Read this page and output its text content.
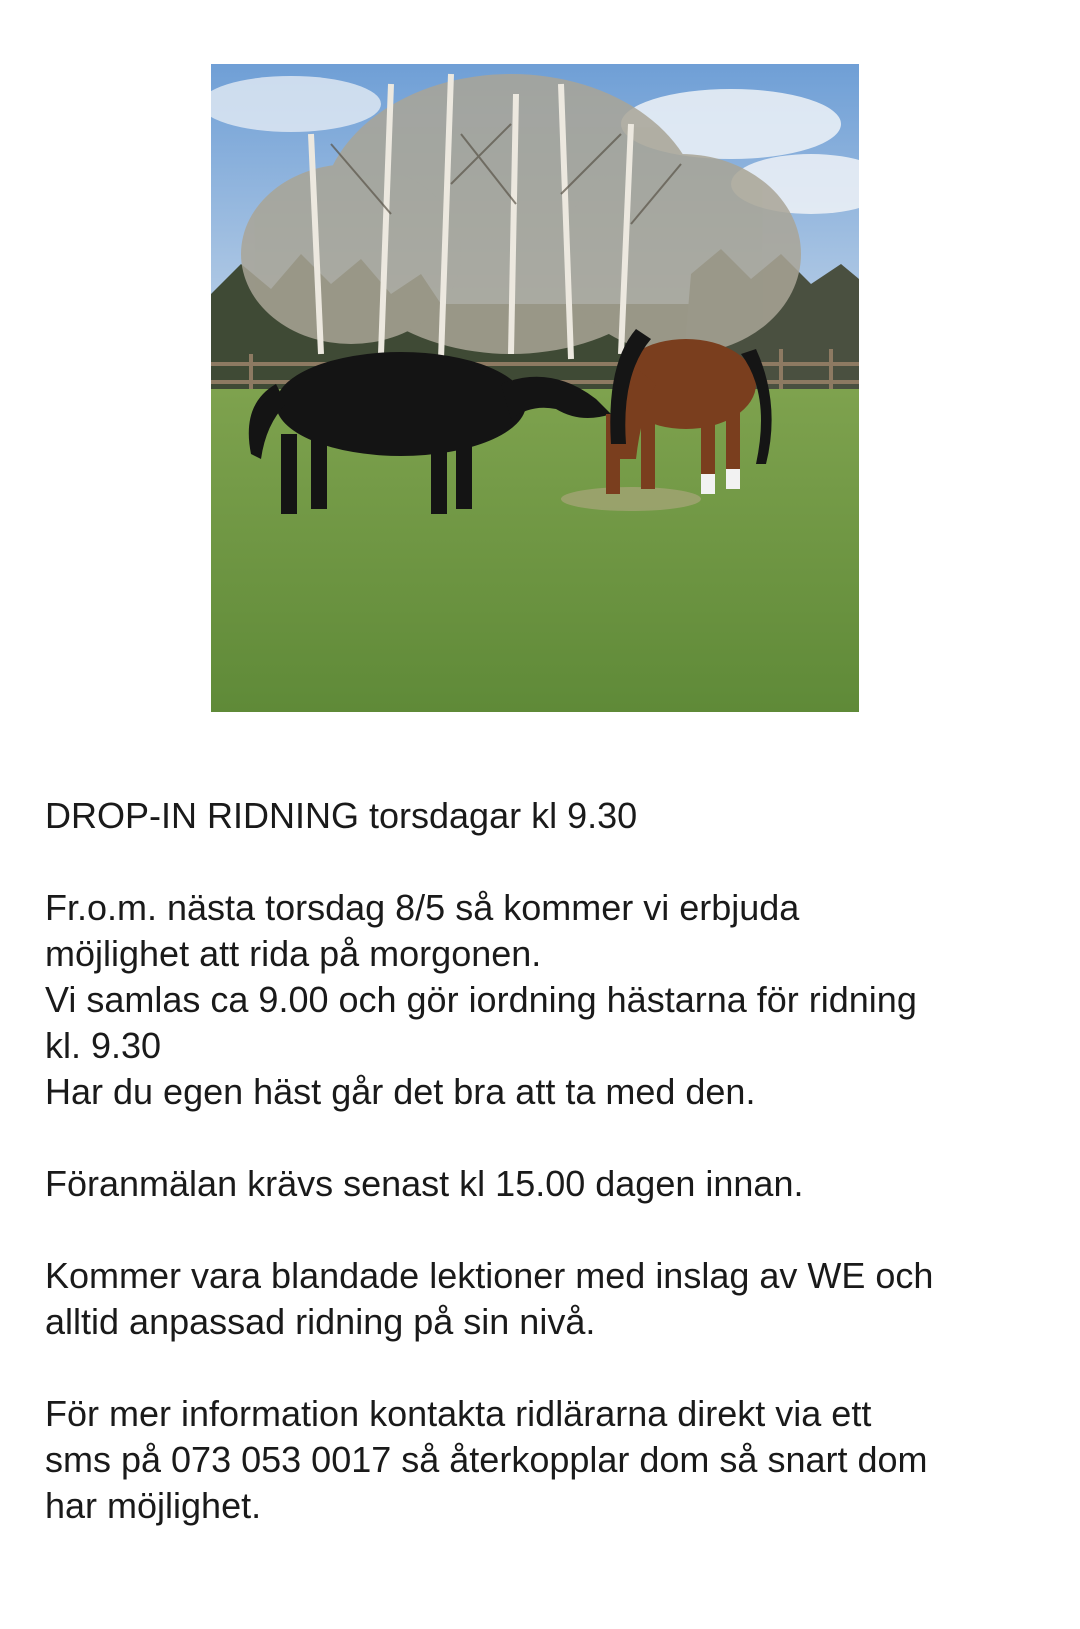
DROP-IN RIDNING torsdagar kl 9.30

Fr.o.m. nästa torsdag 8/5 så kommer vi erbjuda
möjlighet att rida på morgonen.
Vi samlas ca 9.00 och gör iordning hästarna för ridning
kl. 9.30
Har du egen häst går det bra att ta med den.

Föranmälan krävs senast kl 15.00 dagen innan.

Kommer vara blandade lektioner med inslag av WE och
alltid anpassad ridning på sin nivå.

För mer information kontakta ridlärarna direkt via ett
sms på 073 053 0017 så återkopplar dom så snart dom
har möjlighet.
